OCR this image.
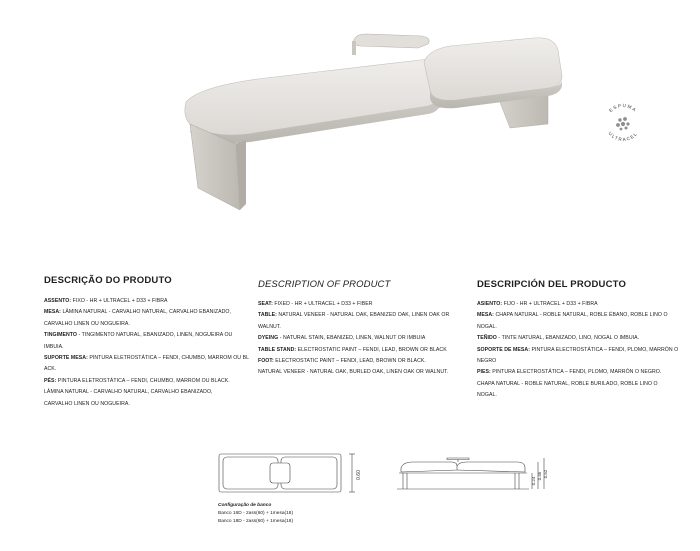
ESPUMA
ULTRACEL
DESCRIÇÃO DO PRODUTO

ASSENTO: FIXO - HR + ULTRACEL + D33 + FIBRA

MESA: LÂMINA NATURAL - CARVALHO NATURAL, CARVALHO EBANIZADO,

CARVALHO LINEN OU NOGUEIRA.

TINGIMENTO - TINGIMENTO NATURAL, EBANIZADO, LINEN, NOGUEIRA OU

IMBUIA.

SUPORTE MESA: PINTURA ELETROSTÁTICA – FENDI, CHUMBO, MARROM OU BL

ACK.

PÉS: PINTURA ELETROSTÁTICA – FENDI, CHUMBO, MARROM OU BLACK.

LÂMINA NATURAL - CARVALHO NATURAL, CARVALHO EBANIZADO,

CARVALHO LINEN OU NOGUEIRA.

DESCRIPTION OF PRODUCT

SEAT: FIXED - HR + ULTRACEL + D33 + FIBER

TABLE: NATURAL VENEER - NATURAL OAK, EBANIZED OAK, LINEN OAK OR

WALNUT.

DYEING - NATURAL STAIN, EBANIZED, LINEN, WALNUT OR IMBUIA

TABLE STAND: ELECTROSTATIC PAINT – FENDI, LEAD, BROWN OR BLACK

FOOT: ELECTROSTATIC PAINT – FENDI, LEAD, BROWN OR BLACK.

NATURAL VENEER - NATURAL OAK, BURLED OAK, LINEN OAK OR WALNUT.

DESCRIPCIÓN DEL PRODUCTO

ASIENTO: FIJO - HR + ULTRACEL + D33 + FIBRA

MESA: CHAPA NATURAL - ROBLE NATURAL, ROBLE ÉBANO, ROBLE LINO O

NOGAL.

TEÑIDO - TINTE NATURAL, EBANIZADO, LINO, NOGAL O IMBUIA.

SOPORTE DE MESA: PINTURA ELECTROSTÁTICA – FENDI, PLOMO, MARRÓN O

NEGRO

PIES: PINTURA ELECTROSTÁTICA – FENDI, PLOMO, MARRÓN O NEGRO.

CHAPA NATURAL - ROBLE NATURAL, ROBLE BURILADO, ROBLE LINO O

NOGAL.

0.60
0.24
0.46 0.52
Configuração de banco
Banco 16D - 2ass(60) + 1mesa(18)
Banco 18D - 2ass(60) + 1mesa(18)
